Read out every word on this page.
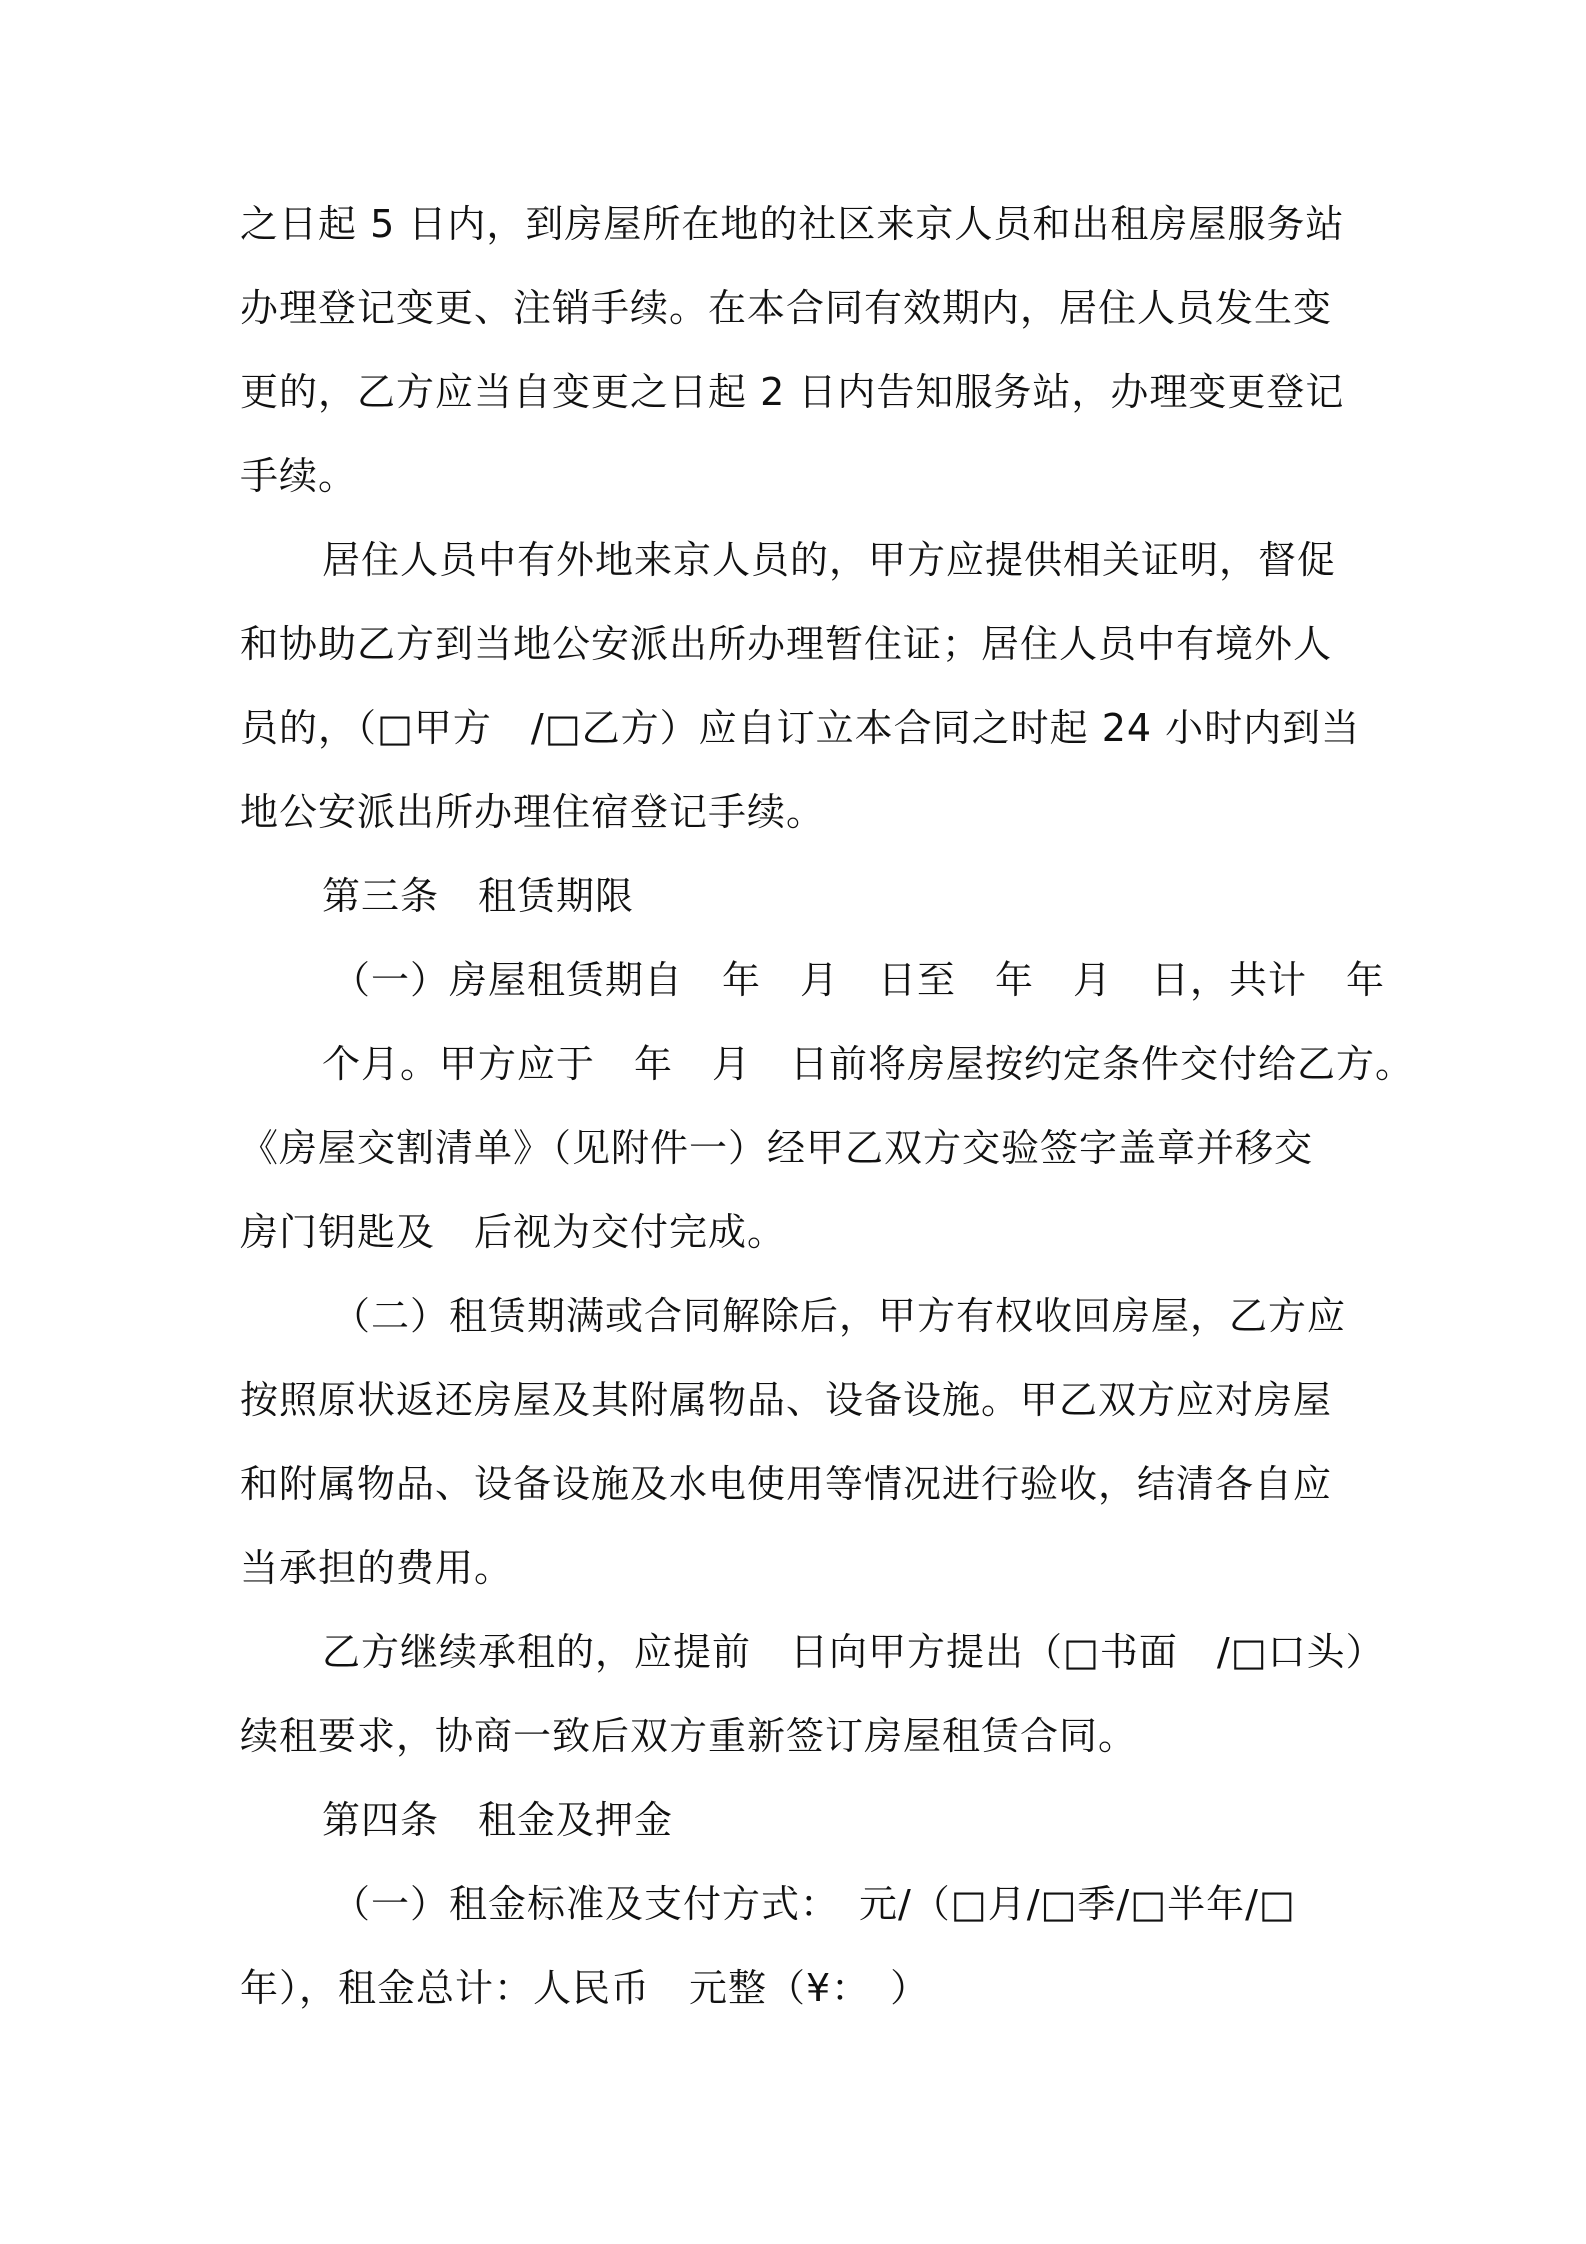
之日起 5 日内，到房屋所在地的社区来京人员和出租房屋服务站
办理登记变更、注销手续。在本合同有效期内，居住人员发生变
更的，乙方应当自变更之日起 2 日内告知服务站，办理变更登记
手续。
居住人员中有外地来京人员的，甲方应提供相关证明，督促
和协助乙方到当地公安派出所办理暂住证；居住人员中有境外人
员的，（□甲方　/□乙方）应自订立本合同之时起 24 小时内到当
地公安派出所办理住宿登记手续。
第三条　租赁期限
（一）房屋租赁期自　年　月　日至　年　月　日，共计　年
个月。甲方应于　年　月　日前将房屋按约定条件交付给乙方。
《房屋交割清单》（见附件一）经甲乙双方交验签字盖章并移交
房门钥匙及　后视为交付完成。
（二）租赁期满或合同解除后，甲方有权收回房屋，乙方应
按照原状返还房屋及其附属物品、设备设施。甲乙双方应对房屋
和附属物品、设备设施及水电使用等情况进行验收，结清各自应
当承担的费用。
乙方继续承租的，应提前　日向甲方提出（□书面　/□口头）
续租要求，协商一致后双方重新签订房屋租赁合同。
第四条　租金及押金
（一）租金标准及支付方式：　元/（□月/□季/□半年/□
年），租金总计：人民币　元整（¥：　）
